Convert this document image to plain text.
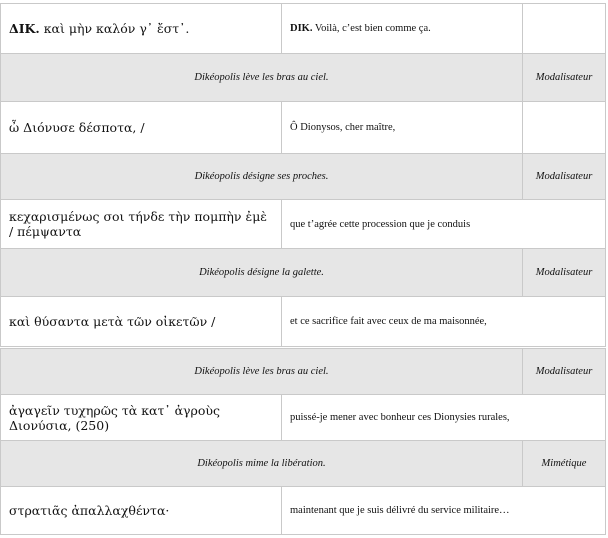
ΔΙΚ. καὶ μὴν καλόν γ᾽ ἔστ᾽.	DIK. Voilà, c’est bien comme ça.	
Dikéopolis lève les bras au ciel.		Modalisateur
ὦ Διόνυσε δέσποτα, /	Ô Dionysos, cher maître,	
Dikéopolis désigne ses proches.		Modalisateur
κεχαρισμένως σοι τήνδε τὴν πομπὴν ἐμὲ / πέμψαντα	que t’agrée cette procession que je conduis	
Dikéopolis désigne la galette.		Modalisateur
καὶ θύσαντα μετὰ τῶν οἰκετῶν /	et ce sacrifice fait avec ceux de ma maisonnée,	
Dikéopolis lève les bras au ciel.		Modalisateur
ἀγαγεῖν τυχηρῶς τὰ κατ᾽ ἀγροὺς Διονύσια, (250)	puissé-je mener avec bonheur ces Dionysies rurales,	
Dikéopolis mime la libération.		Mimétique
στρατιᾶς ἀπαλλαχθέντα·	maintenant que je suis délivré du service militaire…	
